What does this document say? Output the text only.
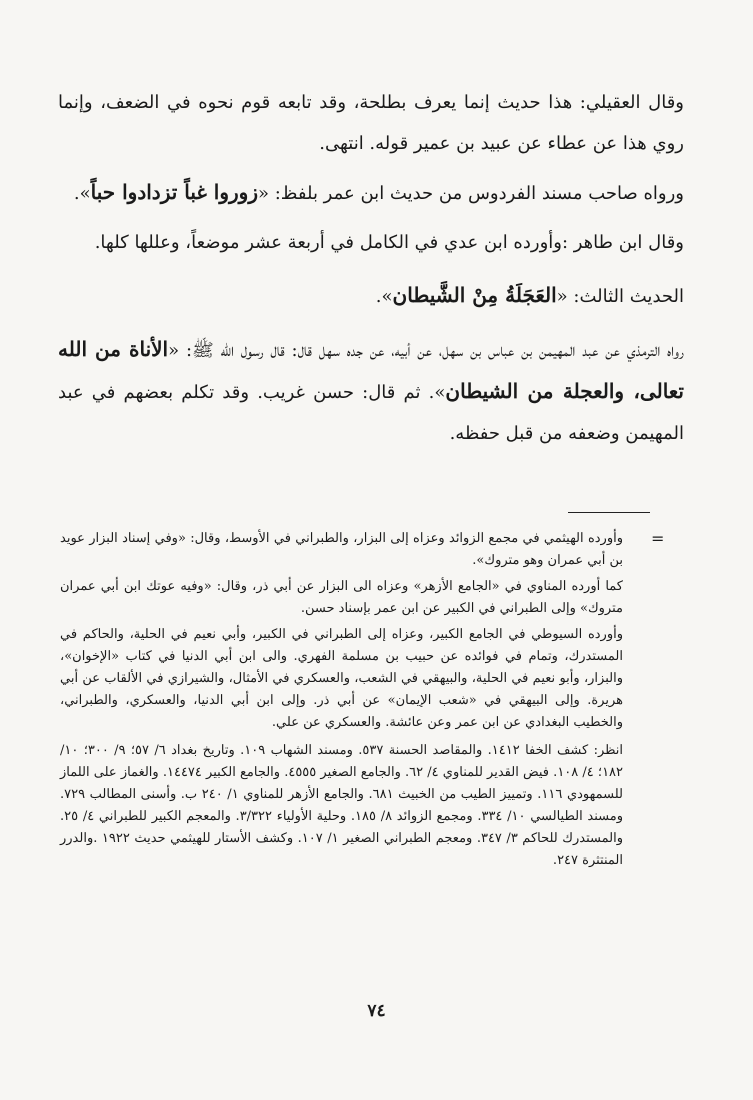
وقال العقيلي: هذا حديث إنما يعرف بطلحة، وقد تابعه قوم نحوه في الضعف، وإنما روي هذا عن عطاء عن عبيد بن عمير قوله. انتهى.

ورواه صاحب مسند الفردوس من حديث ابن عمر بلفظ: «زوروا غباً تزدادوا حباً».

وقال ابن طاهر :وأورده ابن عدي في الكامل في أربعة عشر موضعاً، وعللها كلها.

الحديث الثالث: «العَجَلَةُ مِنْ الشَّيطان».

رواه الترمذي عن عبد المهيمن بن عباس بن سهل، عن أبيه، عن جده سهل قال: قال رسول الله ﷺ: «الأناة من الله تعالى، والعجلة من الشيطان». ثم قال: حسن غريب. وقد تكلم بعضهم في عبد المهيمن وضعفه من قبل حفظه.

=

وأورده الهيثمي في مجمع الزوائد وعزاه إلى البزار، والطبراني في الأوسط، وقال: «وفي إسناد البزار عويد بن أبي عمران وهو متروك».

كما أورده المناوي في «الجامع الأزهر» وعزاه الى البزار عن أبي ذر، وقال: «وفيه عوتك ابن أبي عمران متروك» وإلى الطبراني في الكبير عن ابن عمر بإسناد حسن.

وأورده السيوطي في الجامع الكبير، وعزاه إلى الطبراني في الكبير، وأبي نعيم في الحلية، والحاكم في المستدرك، وتمام في فوائده عن حبيب بن مسلمة الفهري. والى ابن أبي الدنيا في كتاب «الإخوان»، والبزار، وأبو نعيم في الحلية، والبيهقي في الشعب، والعسكري في الأمثال، والشيرازي في الألقاب عن أبي هريرة. وإلى البيهقي في «شعب الإيمان» عن أبي ذر. وإلى ابن أبي الدنيا، والعسكري، والطبراني، والخطيب البغدادي عن ابن عمر وعن عائشة. والعسكري عن علي.

انظر: كشف الخفا ١٤١٢. والمقاصد الحسنة ٥٣٧. ومسند الشهاب ١٠٩. وتاريخ بغداد ٦/ ٥٧؛ ٩/ ٣٠٠؛ ١٠/ ١٨٢؛ ٤/ ١٠٨. فيض القدير للمناوي ٤/ ٦٢. والجامع الصغير ٤٥٥٥. والجامع الكبير ١٤٤٧٤. والغماز على اللماز للسمهودي ١١٦. وتمييز الطيب من الخبيث ٦٨١. والجامع الأزهر للمناوي ١/ ٢٤٠ ب. وأسنى المطالب ٧٢٩. ومسند الطيالسي ١٠/ ٣٣٤. ومجمع الزوائد ٨/ ١٨٥. وحلية الأولياء ٣/٣٢٢. والمعجم الكبير للطبراني ٤/ ٢٥. والمستدرك للحاكم ٣/ ٣٤٧. ومعجم الطبراني الصغير ١/ ١٠٧. وكشف الأستار للهيثمي حديث ١٩٢٢ .والدرر المنتثرة ٢٤٧.

٧٤
